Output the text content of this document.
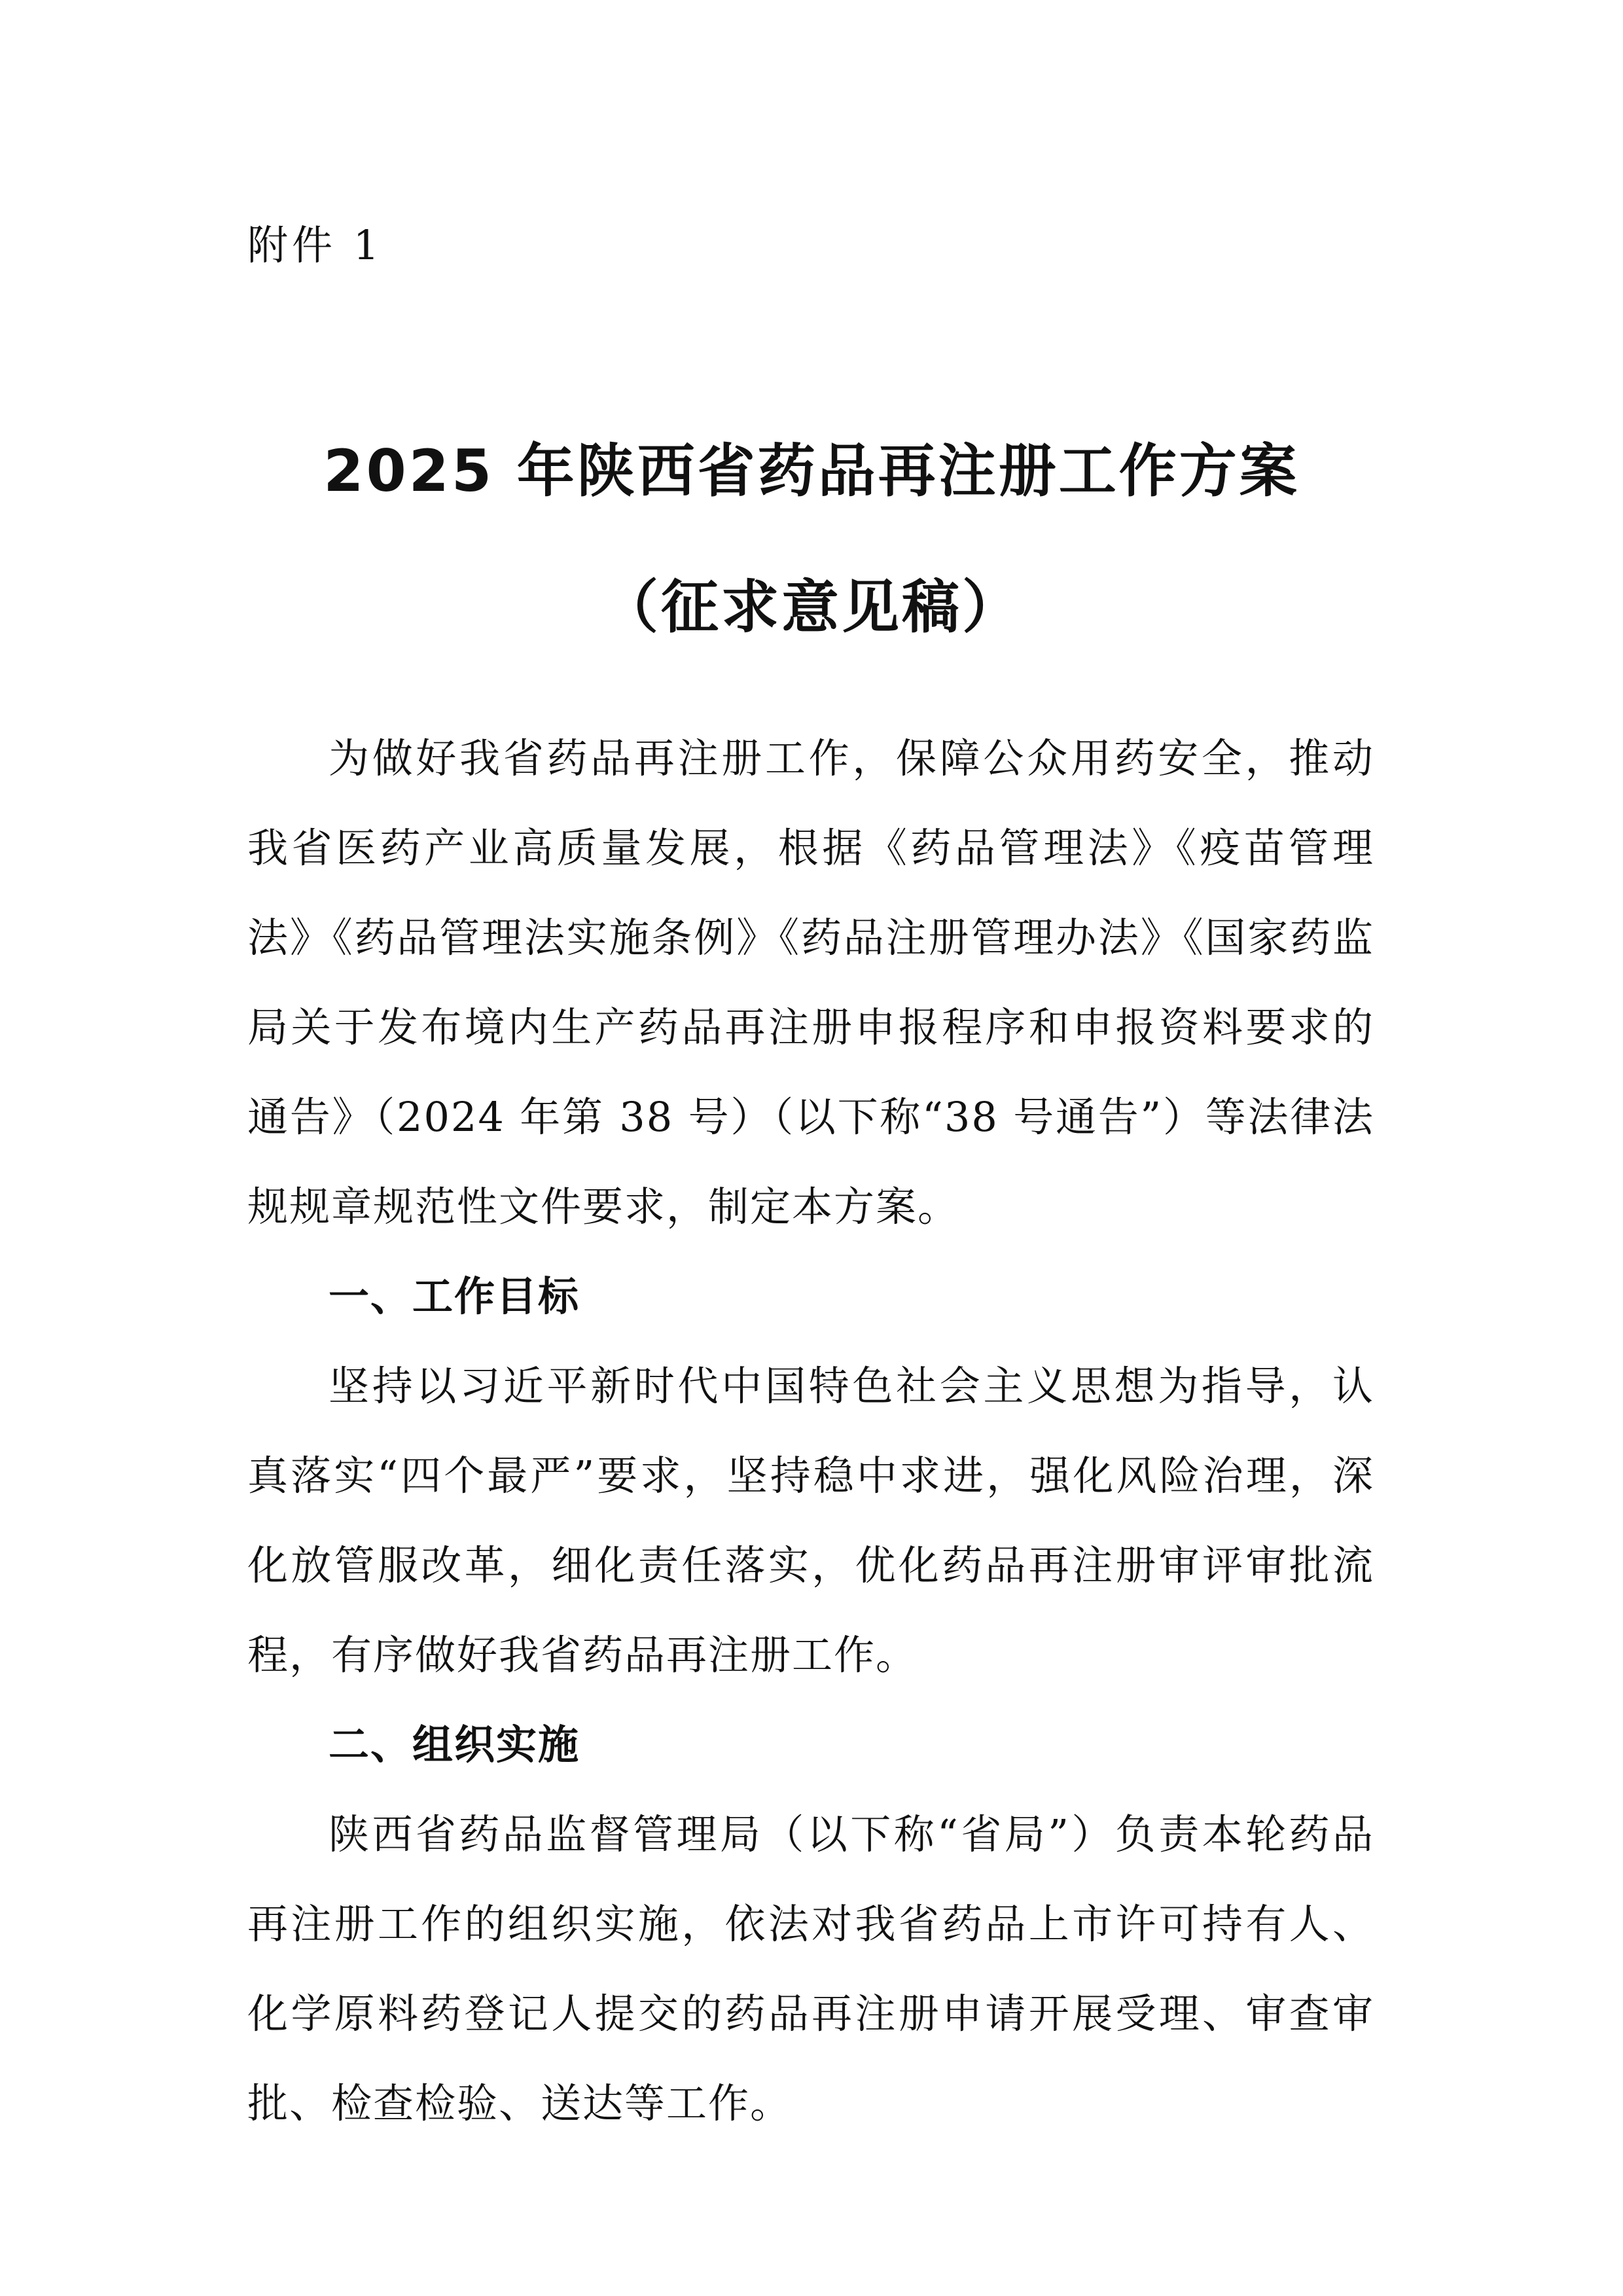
附件 1
2025 年陕西省药品再注册工作方案
（征求意见稿）

为做好我省药品再注册工作，保障公众用药安全，推动我省医药产业高质量发展，根据《药品管理法》《疫苗管理法》《药品管理法实施条例》《药品注册管理办法》《国家药监局关于发布境内生产药品再注册申报程序和申报资料要求的通告》（2024 年第 38 号）（以下称“38 号通告”）等法律法规规章规范性文件要求，制定本方案。

一、工作目标

坚持以习近平新时代中国特色社会主义思想为指导，认真落实“四个最严”要求，坚持稳中求进，强化风险治理，深化放管服改革，细化责任落实，优化药品再注册审评审批流程，有序做好我省药品再注册工作。

二、组织实施

陕西省药品监督管理局（以下称“省局”）负责本轮药品再注册工作的组织实施，依法对我省药品上市许可持有人、化学原料药登记人提交的药品再注册申请开展受理、审查审批、检查检验、送达等工作。
